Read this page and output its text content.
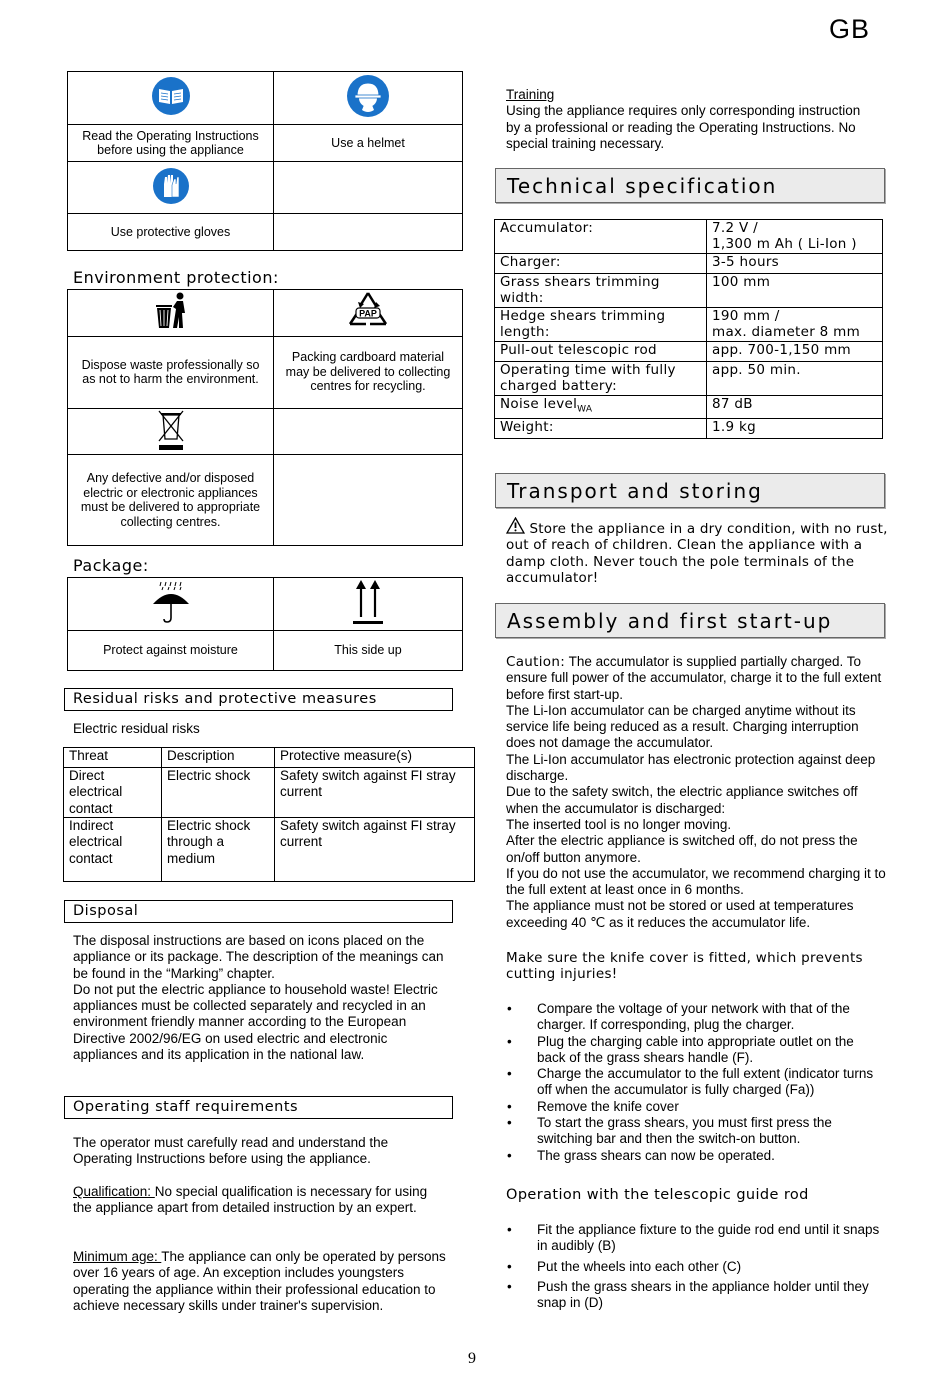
GB

Read the Operating Instructions before using the appliance	Use a helmet

Use protective gloves	
Environment protection:

PAP

Dispose waste professionally so as not to harm the environment.	Packing cardboard material may be delivered to collecting centres for recycling.

Any defective and/or disposed electric or electronic appliances must be delivered to appropriate collecting centres.	
Package:

Protect against moisture	This side up
Residual risks and protective measures
Electric residual risks
Threat	Description	Protective measure(s)
Direct electrical contact	Electric shock	Safety switch against FI stray current
Indirect electrical contact	Electric shock through a medium	Safety switch against FI stray current
Disposal
The disposal instructions are based on icons placed on the appliance or its package. The description of the meanings can be found in the “Marking” chapter.
Do not put the electric appliance to household waste! Electric appliances must be collected separately and recycled in an environment friendly manner according to the European Directive 2002/96/EG on used electric and electronic appliances and its application in the national law.
Operating staff requirements
The operator must carefully read and understand the Operating Instructions before using the appliance.
Qualification: No special qualification is necessary for using the appliance apart from detailed instruction by an expert.
Minimum age: The appliance can only be operated by persons over 16 years of age. An exception includes youngsters operating the appliance within their professional education to achieve necessary skills under trainer's supervision.
Training
Using the appliance requires only corresponding instruction by a professional or reading the Operating Instructions. No special training necessary.
Technical specification
Accumulator:	7.2 V /
1,300 m Ah ( Li-Ion )
Charger:	3-5 hours
Grass shears trimming width:	100 mm
Hedge shears trimming length:	190 mm /
max. diameter 8 mm
Pull-out telescopic rod	app. 700-1,150 mm
Operating time with fully charged battery:	app. 50 min.
Noise level$_{WA}$	87 dB
Weight:	1.9 kg
Transport and storing
Store the appliance in a dry condition, with no rust, out of reach of children. Clean the appliance with a damp cloth. Never touch the pole terminals of the accumulator!
Assembly and first start-up
Caution: The accumulator is supplied partially charged. To ensure full power of the accumulator, charge it to the full extent before first start-up.
The Li-Ion accumulator can be charged anytime without its service life being reduced as a result. Charging interruption does not damage the accumulator.
The Li-Ion accumulator has electronic protection against deep discharge.
Due to the safety switch, the electric appliance switches off when the accumulator is discharged:
The inserted tool is no longer moving.
After the electric appliance is switched off, do not press the on/off button anymore.
If you do not use the accumulator, we recommend charging it to the full extent at least once in 6 months.
The appliance must not be stored or used at temperatures exceeding 40 ℃ as it reduces the accumulator life.
Make sure the knife cover is fitted, which prevents cutting injuries!
• Compare the voltage of your network with that of the charger. If corresponding, plug the charger.
• Plug the charging cable into appropriate outlet on the back of the grass shears handle (F).
• Charge the accumulator to the full extent (indicator turns off when the accumulator is fully charged (Fa))
• Remove the knife cover
• To start the grass shears, you must first press the switching bar and then the switch-on button.
• The grass shears can now be operated.
Operation with the telescopic guide rod
• Fit the appliance fixture to the guide rod end until it snaps in audibly (B)
• Put the wheels into each other (C)
• Push the grass shears in the appliance holder until they snap in (D)
9
